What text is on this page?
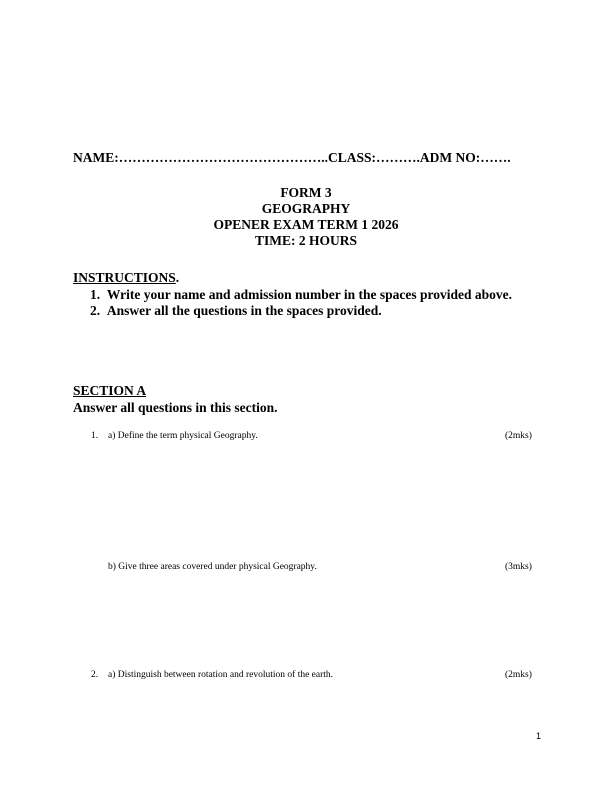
NAME:………………………………………..CLASS:……….ADM NO:…….
FORM 3
GEOGRAPHY
OPENER EXAM TERM 1 2026
TIME: 2 HOURS
INSTRUCTIONS.
1. Write your name and admission number in the spaces provided above.
2. Answer all the questions in the spaces provided.
SECTION A
Answer all questions in this section.
1. a) Define the term physical Geography.	(2mks)
b) Give three areas covered under physical Geography.	(3mks)
2. a) Distinguish between rotation and revolution of the earth.	(2mks)
1
